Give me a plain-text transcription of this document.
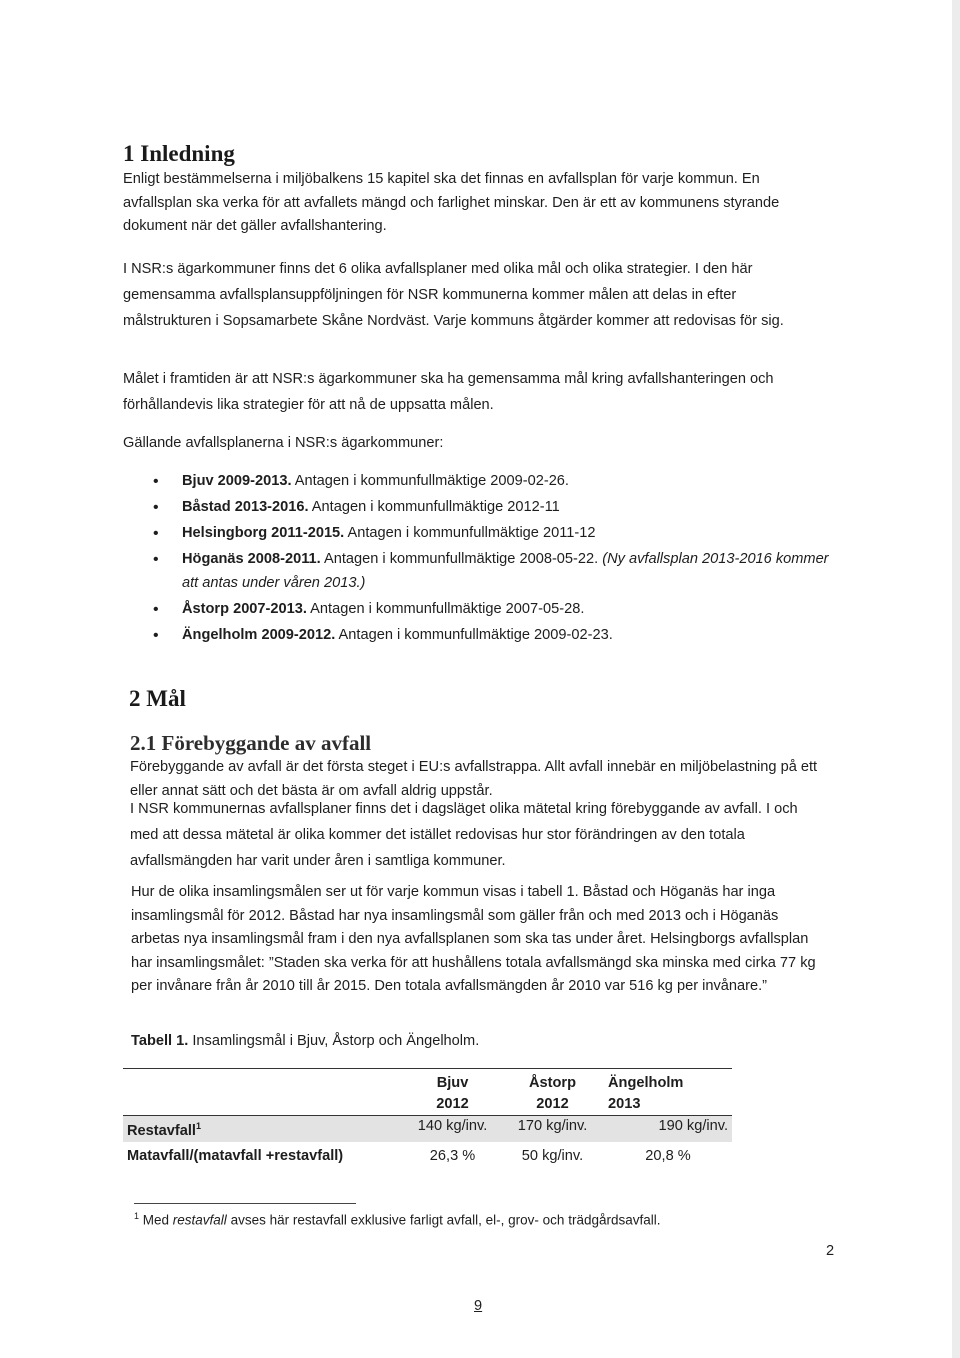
1 Inledning

Enligt bestämmelserna i miljöbalkens 15 kapitel ska det finnas en avfallsplan för varje kommun. En avfallsplan ska verka för att avfallets mängd och farlighet minskar. Den är ett av kommunens styrande dokument när det gäller avfallshantering.

I NSR:s ägarkommuner finns det 6 olika avfallsplaner med olika mål och olika strategier. I den här gemensamma avfallsplansuppföljningen för NSR kommunerna kommer målen att delas in efter målstrukturen i Sopsamarbete Skåne Nordväst. Varje kommuns åtgärder kommer att redovisas för sig.

Målet i framtiden är att NSR:s ägarkommuner ska ha gemensamma mål kring avfallshanteringen och förhållandevis lika strategier för att nå de uppsatta målen.

Gällande avfallsplanerna i NSR:s ägarkommuner:

• Bjuv 2009-2013. Antagen i kommunfullmäktige 2009-02-26.
• Båstad 2013-2016. Antagen i kommunfullmäktige 2012-11
• Helsingborg 2011-2015. Antagen i kommunfullmäktige 2011-12
• Höganäs 2008-2011. Antagen i kommunfullmäktige 2008-05-22. (Ny avfallsplan 2013-2016 kommer att antas under våren 2013.)
• Åstorp 2007-2013. Antagen i kommunfullmäktige 2007-05-28.
• Ängelholm 2009-2012. Antagen i kommunfullmäktige 2009-02-23.
2 Mål
2.1 Förebyggande av avfall

Förebyggande av avfall är det första steget i EU:s avfallstrappa. Allt avfall innebär en miljöbelastning på ett eller annat sätt och det bästa är om avfall aldrig uppstår.

I NSR kommunernas avfallsplaner finns det i dagsläget olika mätetal kring förebyggande av avfall. I och med att dessa mätetal är olika kommer det istället redovisas hur stor förändringen av den totala avfallsmängden har varit under åren i samtliga kommuner.

Hur de olika insamlingsmålen ser ut för varje kommun visas i tabell 1. Båstad och Höganäs har inga insamlingsmål för 2012. Båstad har nya insamlingsmål som gäller från och med 2013 och i Höganäs arbetas nya insamlingsmål fram i den nya avfallsplanen som ska tas under året. Helsingborgs avfallsplan har insamlingsmålet: ”Staden ska verka för att hushållens totala avfallsmängd ska minska med cirka 77 kg per invånare från år 2010 till år 2015. Den totala avfallsmängden år 2010 var 516 kg per invånare.”

Tabell 1. Insamlingsmål i Bjuv, Åstorp och Ängelholm.
	Bjuv	Åstorp	Ängelholm
	2012	2012	2013
Restavfall$^1$	140 kg/inv.	170 kg/inv.	190 kg/inv.
Matavfall/(matavfall +restavfall)	26,3 %	50 kg/inv.	20,8 %
$^1$ Med restavfall avses här restavfall exklusive farligt avfall, el-, grov- och trädgårdsavfall.
2
9
